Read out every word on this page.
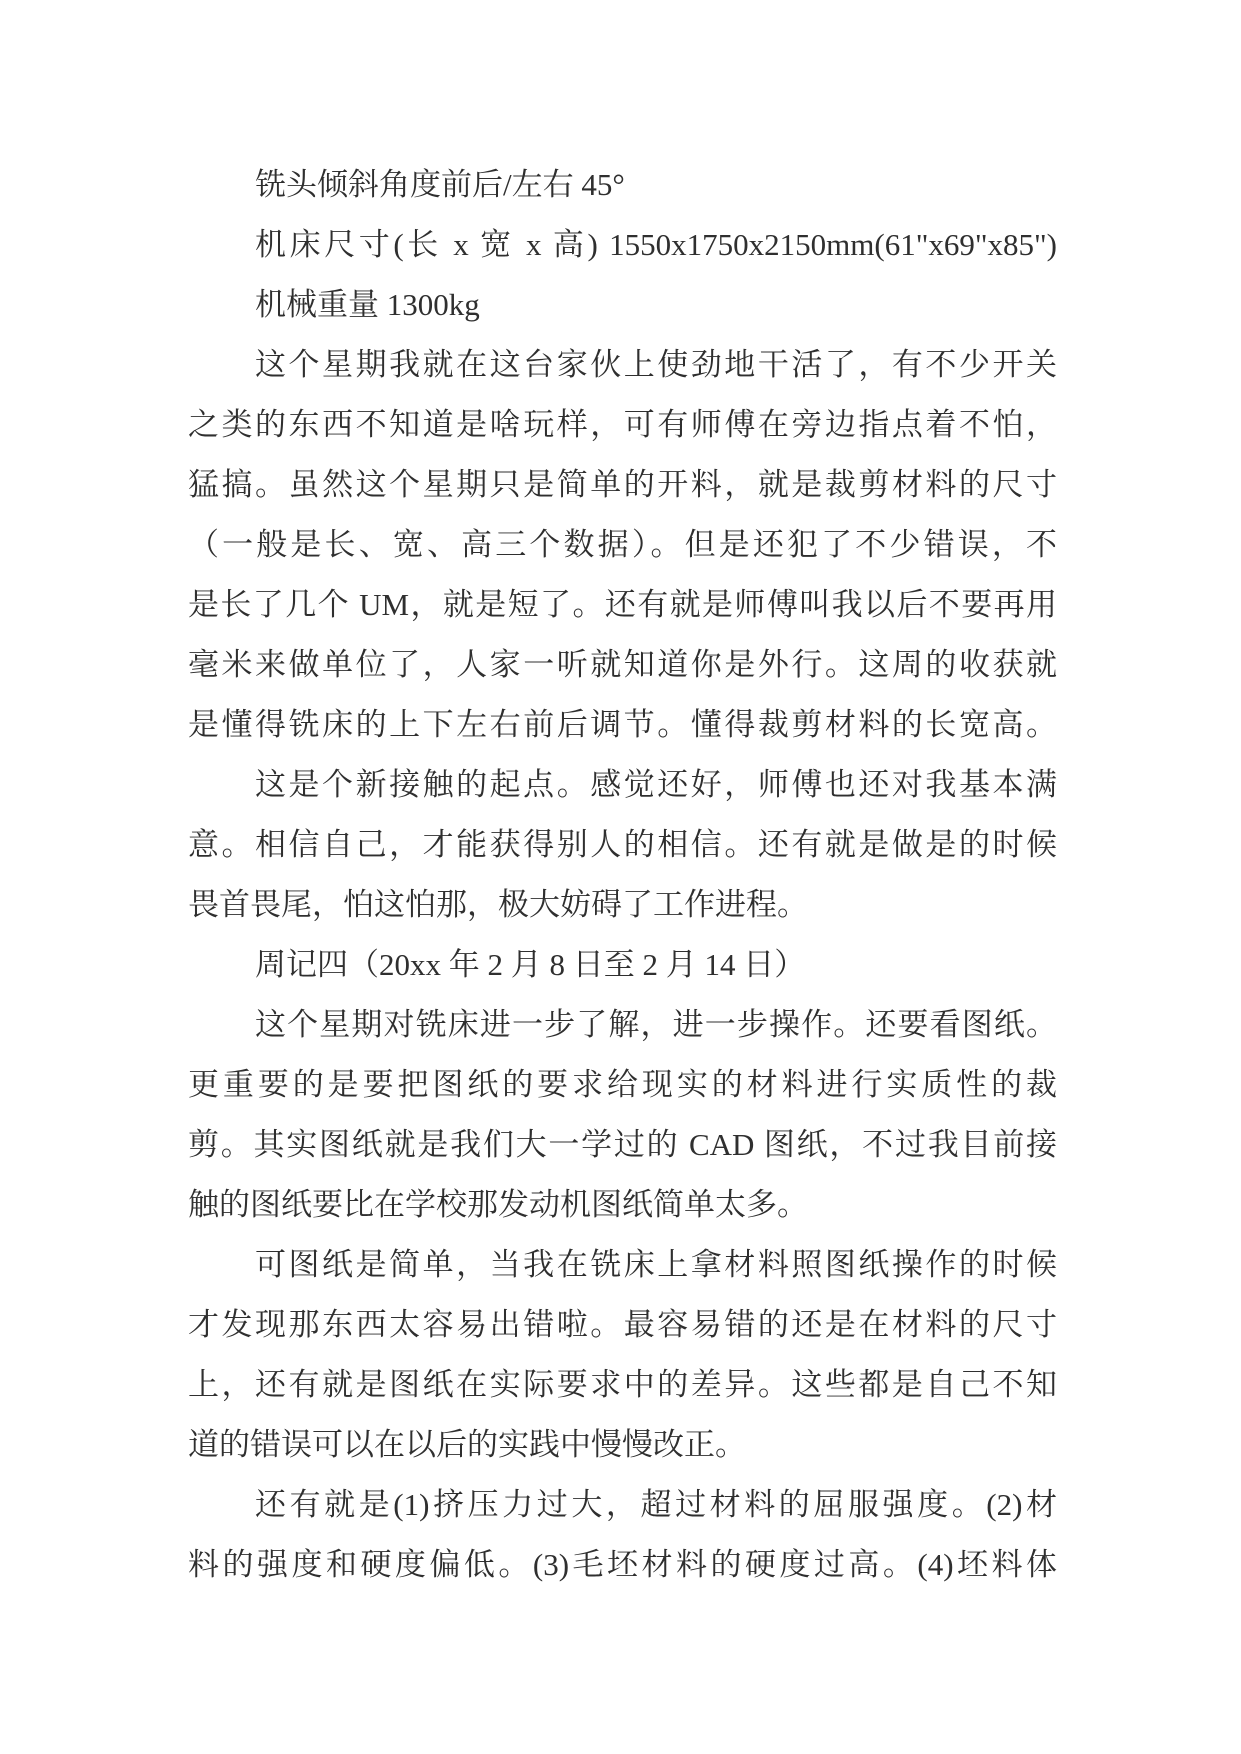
铣头倾斜角度前后/左右 45°
机床尺寸(长 x 宽 x 高) 1550x1750x2150mm(61"x69"x85")
机械重量 1300kg
这个星期我就在这台家伙上使劲地干活了，有不少开关
之类的东西不知道是啥玩样，可有师傅在旁边指点着不怕，
猛搞。虽然这个星期只是简单的开料，就是裁剪材料的尺寸
（一般是长、宽、高三个数据）。但是还犯了不少错误，不
是长了几个 UM，就是短了。还有就是师傅叫我以后不要再用
毫米来做单位了，人家一听就知道你是外行。这周的收获就
是懂得铣床的上下左右前后调节。懂得裁剪材料的长宽高。
这是个新接触的起点。感觉还好，师傅也还对我基本满
意。相信自己，才能获得别人的相信。还有就是做是的时候
畏首畏尾，怕这怕那，极大妨碍了工作进程。
周记四（20xx 年 2 月 8 日至 2 月 14 日）
这个星期对铣床进一步了解，进一步操作。还要看图纸。
更重要的是要把图纸的要求给现实的材料进行实质性的裁
剪。其实图纸就是我们大一学过的 CAD 图纸，不过我目前接
触的图纸要比在学校那发动机图纸简单太多。
可图纸是简单，当我在铣床上拿材料照图纸操作的时候
才发现那东西太容易出错啦。最容易错的还是在材料的尺寸
上，还有就是图纸在实际要求中的差异。这些都是自己不知
道的错误可以在以后的实践中慢慢改正。
还有就是(1)挤压力过大，超过材料的屈服强度。(2)材
料的强度和硬度偏低。(3)毛坯材料的硬度过高。(4)坯料体
